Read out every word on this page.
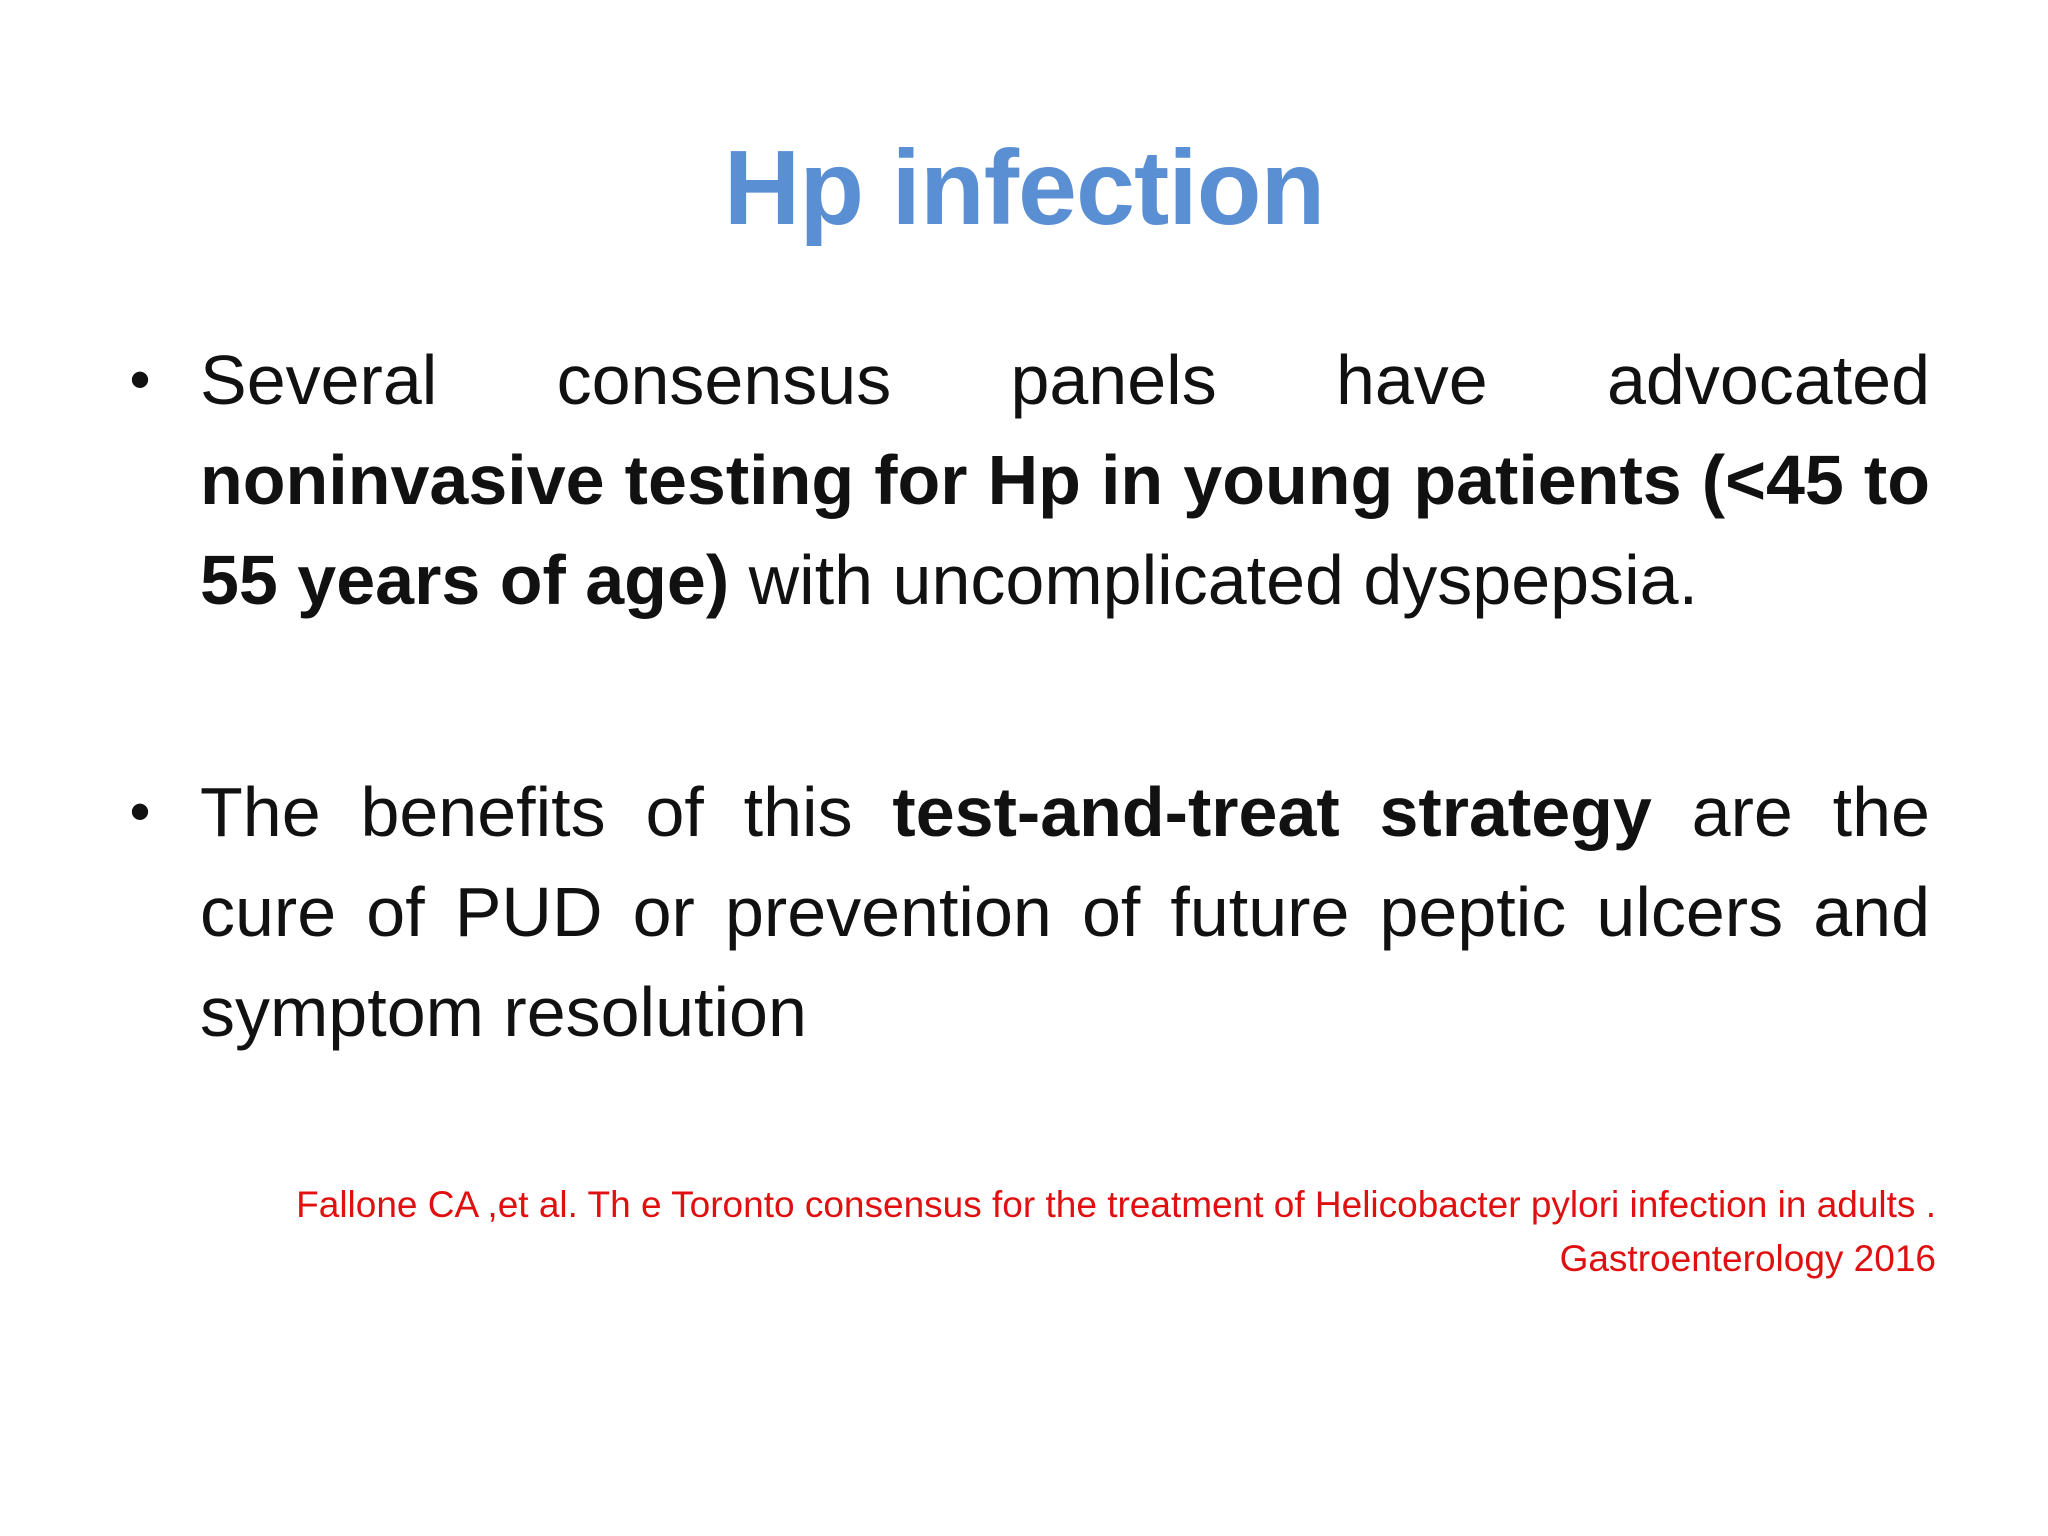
Hp infection
• Several consensus panels have advocated noninvasive testing for Hp in young patients (<45 to 55 years of age) with uncomplicated dyspepsia.
• The benefits of this test-and-treat strategy are the cure of PUD or prevention of future peptic ulcers and symptom resolution
Fallone CA ,et al. Th e Toronto consensus for the treatment of Helicobacter pylori infection in adults .
Gastroenterology 2016
